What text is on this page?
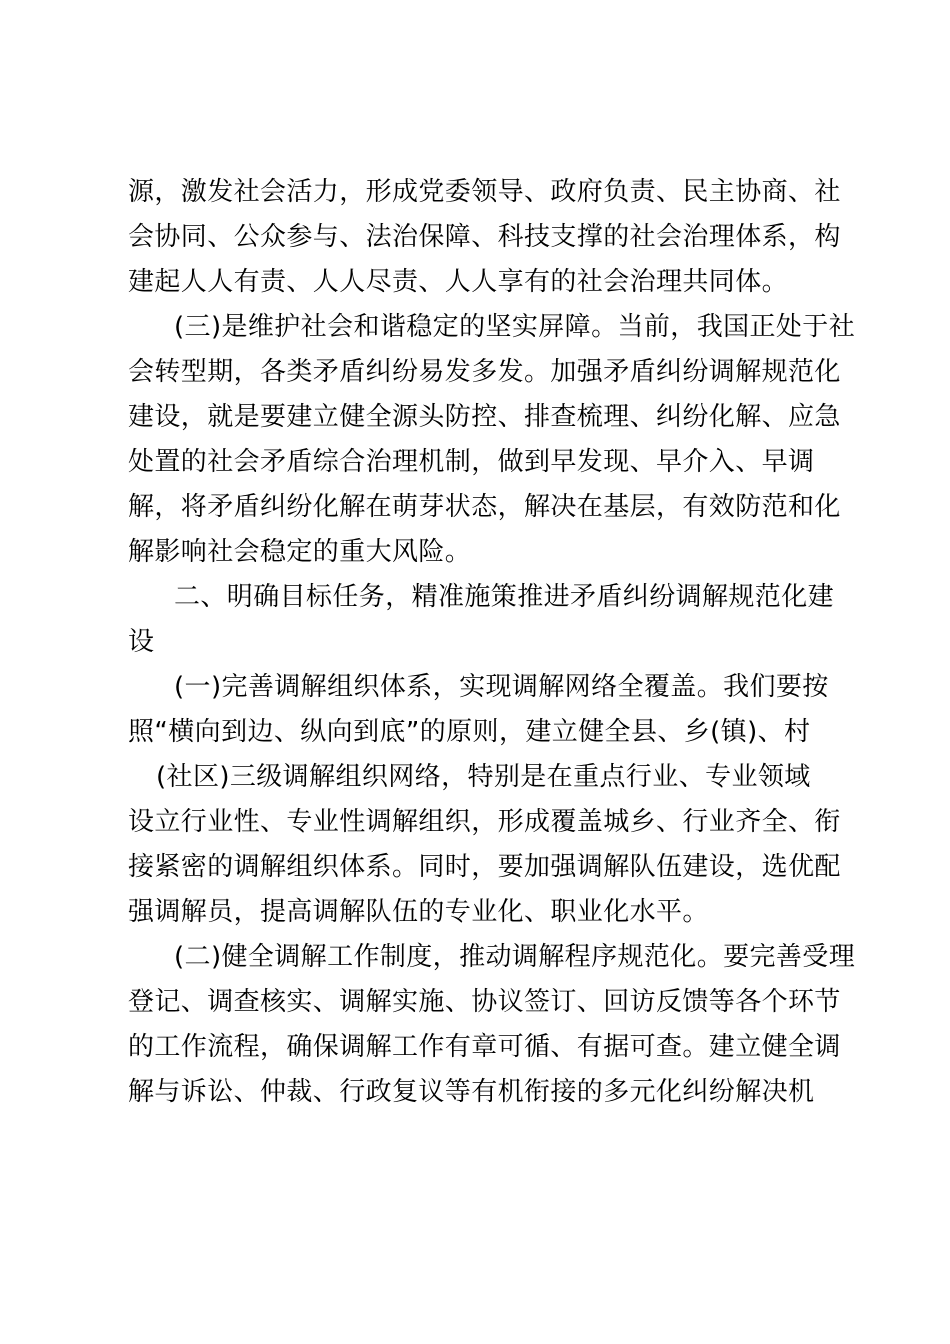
源，激发社会活力，形成党委领导、政府负责、民主协商、社

会协同、公众参与、法治保障、科技支撑的社会治理体系，构

建起人人有责、人人尽责、人人享有的社会治理共同体。

(三)是维护社会和谐稳定的坚实屏障。当前，我国正处于社

会转型期，各类矛盾纠纷易发多发。加强矛盾纠纷调解规范化

建设，就是要建立健全源头防控、排查梳理、纠纷化解、应急

处置的社会矛盾综合治理机制，做到早发现、早介入、早调

解，将矛盾纠纷化解在萌芽状态，解决在基层，有效防范和化

解影响社会稳定的重大风险。

二、明确目标任务，精准施策推进矛盾纠纷调解规范化建

设

(一)完善调解组织体系，实现调解网络全覆盖。我们要按

照“横向到边、纵向到底”的原则，建立健全县、乡(镇)、村

(社区)三级调解组织网络，特别是在重点行业、专业领域

设立行业性、专业性调解组织，形成覆盖城乡、行业齐全、衔

接紧密的调解组织体系。同时，要加强调解队伍建设，选优配

强调解员，提高调解队伍的专业化、职业化水平。

(二)健全调解工作制度，推动调解程序规范化。要完善受理

登记、调查核实、调解实施、协议签订、回访反馈等各个环节

的工作流程，确保调解工作有章可循、有据可查。建立健全调

解与诉讼、仲裁、行政复议等有机衔接的多元化纠纷解决机
